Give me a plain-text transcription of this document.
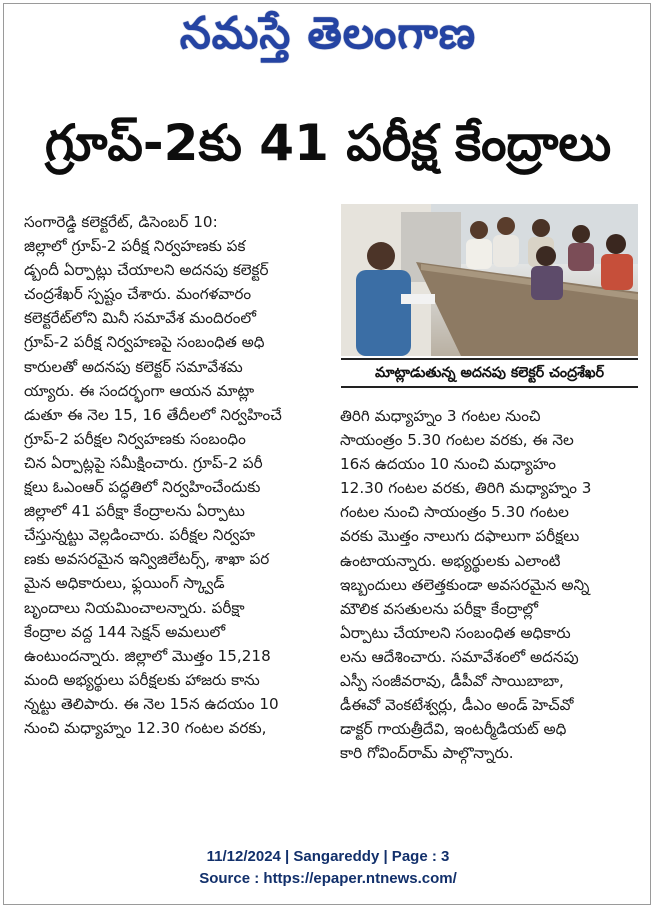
నమస్తే తెలంగాణ
గ్రూప్‌-2కు 41 పరీక్ష కేంద్రాలు
సంగారెడ్డి కలెక్టరేట్‌, డిసెంబర్‌ 10:
జిల్లాలో గ్రూప్‌-2 పరీక్ష నిర్వహణకు పక
డ్బందీ ఏర్పాట్లు చేయాలని అదనపు కలెక్టర్‌
చంద్రశేఖర్‌ స్పష్టం చేశారు. మంగళవారం
కలెక్టరేట్‌లోని మినీ సమావేశ మందిరంలో
గ్రూప్‌-2 పరీక్ష నిర్వహణపై సంబంధిత అధి
కారులతో అదనపు కలెక్టర్‌ సమావేశమ
య్యారు. ఈ సందర్భంగా ఆయన మాట్లా
డుతూ ఈ నెల 15, 16 తేదీలలో నిర్వహించే
గ్రూప్‌-2 పరీక్షల నిర్వహణకు సంబంధిం
చిన ఏర్పాట్లపై సమీక్షించారు. గ్రూప్‌-2 పరీ
క్షలు ఓఎంఆర్‌ పద్ధతిలో నిర్వహించేందుకు
జిల్లాలో 41 పరీక్షా కేంద్రాలను ఏర్పాటు
చేస్తున్నట్టు వెల్లడించారు. పరీక్షల నిర్వహ
ణకు అవసరమైన ఇన్విజిలేటర్స్‌, శాఖా పర
మైన అధికారులు, ఫ్లయింగ్‌ స్క్వాడ్‌
బృందాలు నియమించాలన్నారు. పరీక్షా
కేంద్రాల వద్ద 144 సెక్షన్‌ అమలులో
ఉంటుందన్నారు. జిల్లాలో మొత్తం 15,218
మంది అభ్యర్థులు పరీక్షలకు హాజరు కాను
న్నట్టు తెలిపారు. ఈ నెల 15న ఉదయం 10
నుంచి మధ్యాహ్నం 12.30 గంటల వరకు,
మాట్లాడుతున్న అదనపు కలెక్టర్‌ చంద్రశేఖర్‌
తిరిగి మధ్యాహ్నం 3 గంటల నుంచి
సాయంత్రం 5.30 గంటల వరకు, ఈ నెల
16న ఉదయం 10 నుంచి మధ్యాహం
12.30 గంటల వరకు, తిరిగి మధ్యాహ్నం 3
గంటల నుంచి సాయంత్రం 5.30 గంటల
వరకు మొత్తం నాలుగు దఫాలుగా పరీక్షలు
ఉంటాయన్నారు. అభ్యర్థులకు ఎలాంటి
ఇబ్బందులు తలెత్తకుండా అవసరమైన అన్ని
మౌలిక వసతులను పరీక్షా కేంద్రాల్లో
ఏర్పాటు చేయాలని సంబంధిత అధికారు
లను ఆదేశించారు. సమావేశంలో అదనపు
ఎస్పీ సంజీవరావు, డీపీవో సాయిబాబా,
డీఈవో వెంకటేశ్వర్లు, డీఎం అండ్‌ హెచ్‌వో
డాక్టర్‌ గాయత్రీదేవి, ఇంటర్మీడియట్‌ అధి
కారి గోవింద్‌రామ్‌ పాల్గొన్నారు.
11/12/2024 | Sangareddy | Page : 3
Source : https://epaper.ntnews.com/
